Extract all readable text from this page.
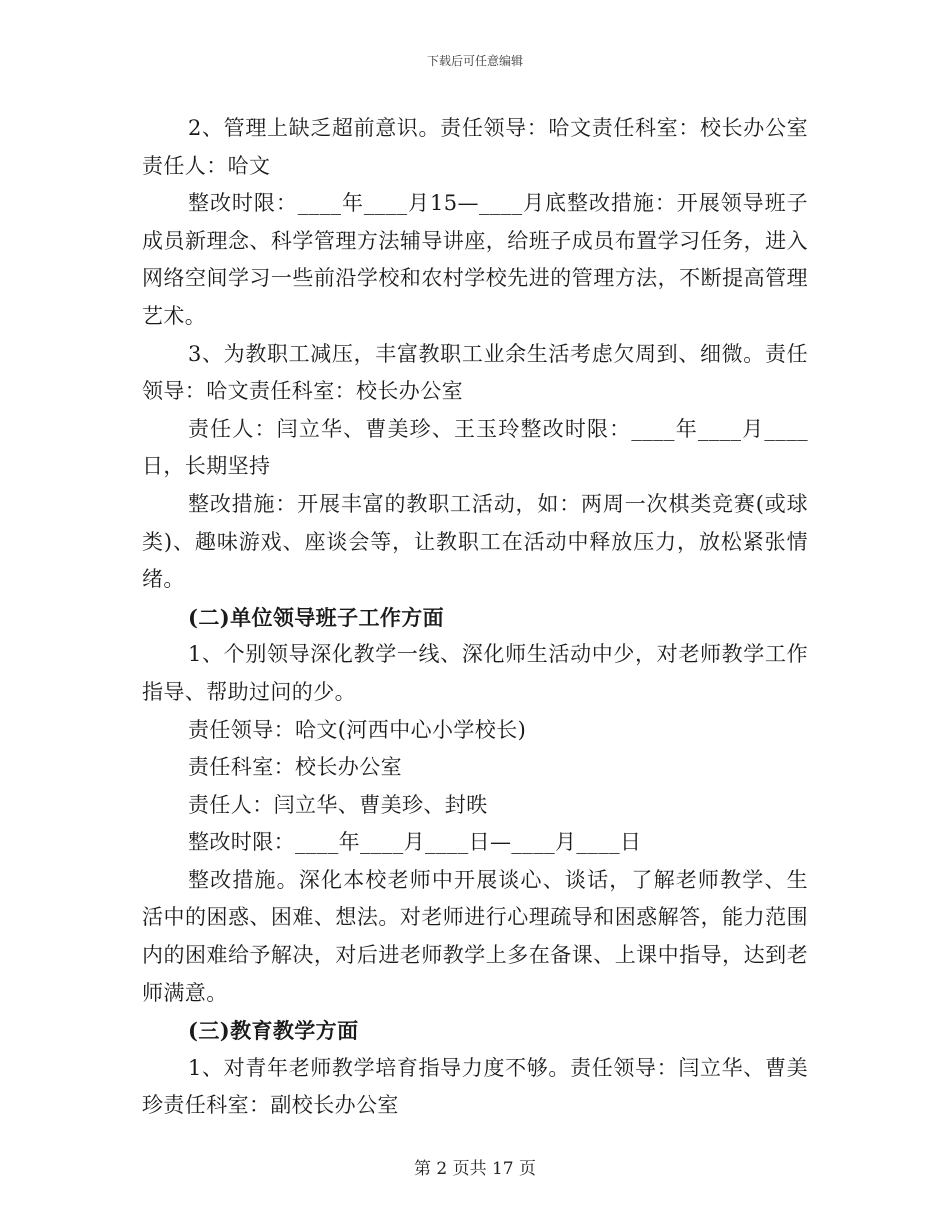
下载后可任意编辑

2、管理上缺乏超前意识。责任领导：哈文责任科室：校长办公室责任人：哈文

整改时限：____年____月15—____月底整改措施：开展领导班子成员新理念、科学管理方法辅导讲座，给班子成员布置学习任务，进入网络空间学习一些前沿学校和农村学校先进的管理方法，不断提高管理艺术。

3、为教职工减压，丰富教职工业余生活考虑欠周到、细微。责任领导：哈文责任科室：校长办公室

责任人：闫立华、曹美珍、王玉玲整改时限：____年____月____日，长期坚持

整改措施：开展丰富的教职工活动，如：两周一次棋类竞赛(或球类)、趣味游戏、座谈会等，让教职工在活动中释放压力，放松紧张情绪。

(二)单位领导班子工作方面

1、个别领导深化教学一线、深化师生活动中少，对老师教学工作指导、帮助过问的少。

责任领导：哈文(河西中心小学校长)

责任科室：校长办公室

责任人：闫立华、曹美珍、封昳

整改时限：____年____月____日—____月____日

整改措施。深化本校老师中开展谈心、谈话，了解老师教学、生活中的困惑、困难、想法。对老师进行心理疏导和困惑解答，能力范围内的困难给予解决，对后进老师教学上多在备课、上课中指导，达到老师满意。

(三)教育教学方面

1、对青年老师教学培育指导力度不够。责任领导：闫立华、曹美珍责任科室：副校长办公室

第 2 页共 17 页
